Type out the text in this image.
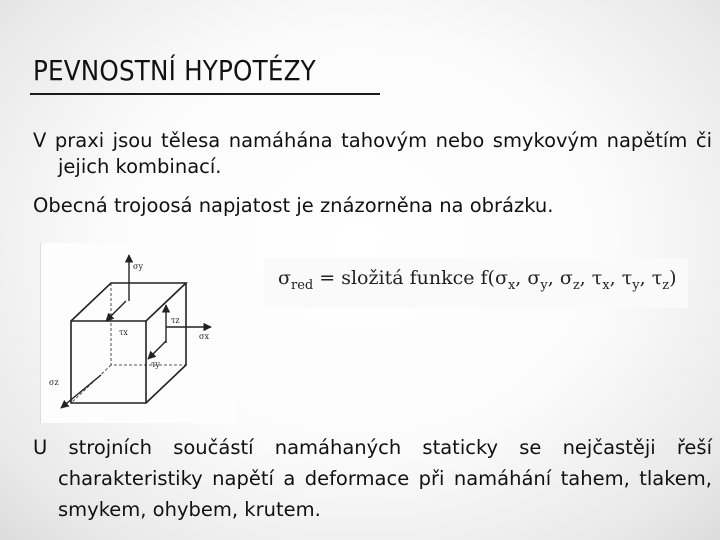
PEVNOSTNÍ HYPOTÉZY
V praxi jsou tělesa namáhána tahovým nebo smykovým napětím či jejich kombinací.
Obecná trojoosá napjatost je znázorněna na obrázku.
σy
σx
σz
τx
τz
τy
$\sigma_{red}$ = složitá funkce $f(\sigma_x$, $\sigma_y$, $\sigma_z$, $\tau_x$, $\tau_y$, $\tau_z$)
U strojních součástí namáhaných staticky se nejčastěji řeší charakteristiky napětí a deformace při namáhání tahem, tlakem, smykem, ohybem, krutem.
